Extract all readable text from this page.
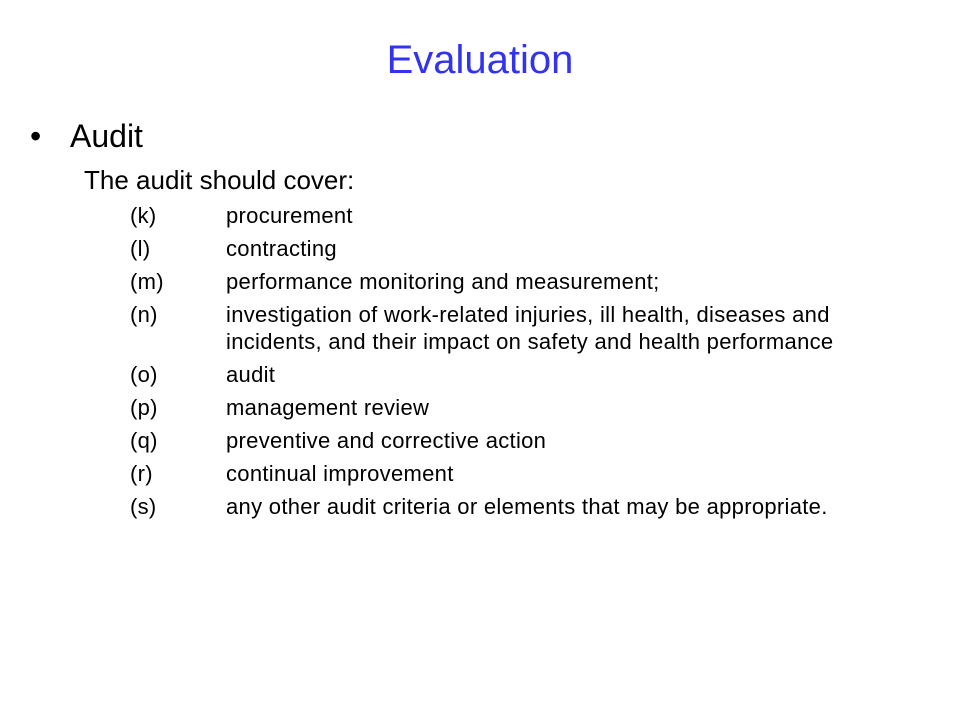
Evaluation
• Audit
The audit should cover:
(k)	procurement
(l)	contracting
(m)	performance monitoring and measurement;
(n)	investigation of work-related injuries, ill health, diseases and incidents, and their impact on safety and health performance
(o)	audit
(p)	management review
(q)	preventive and corrective action
(r)	continual improvement
(s)	any other audit criteria or elements that may be appropriate.
